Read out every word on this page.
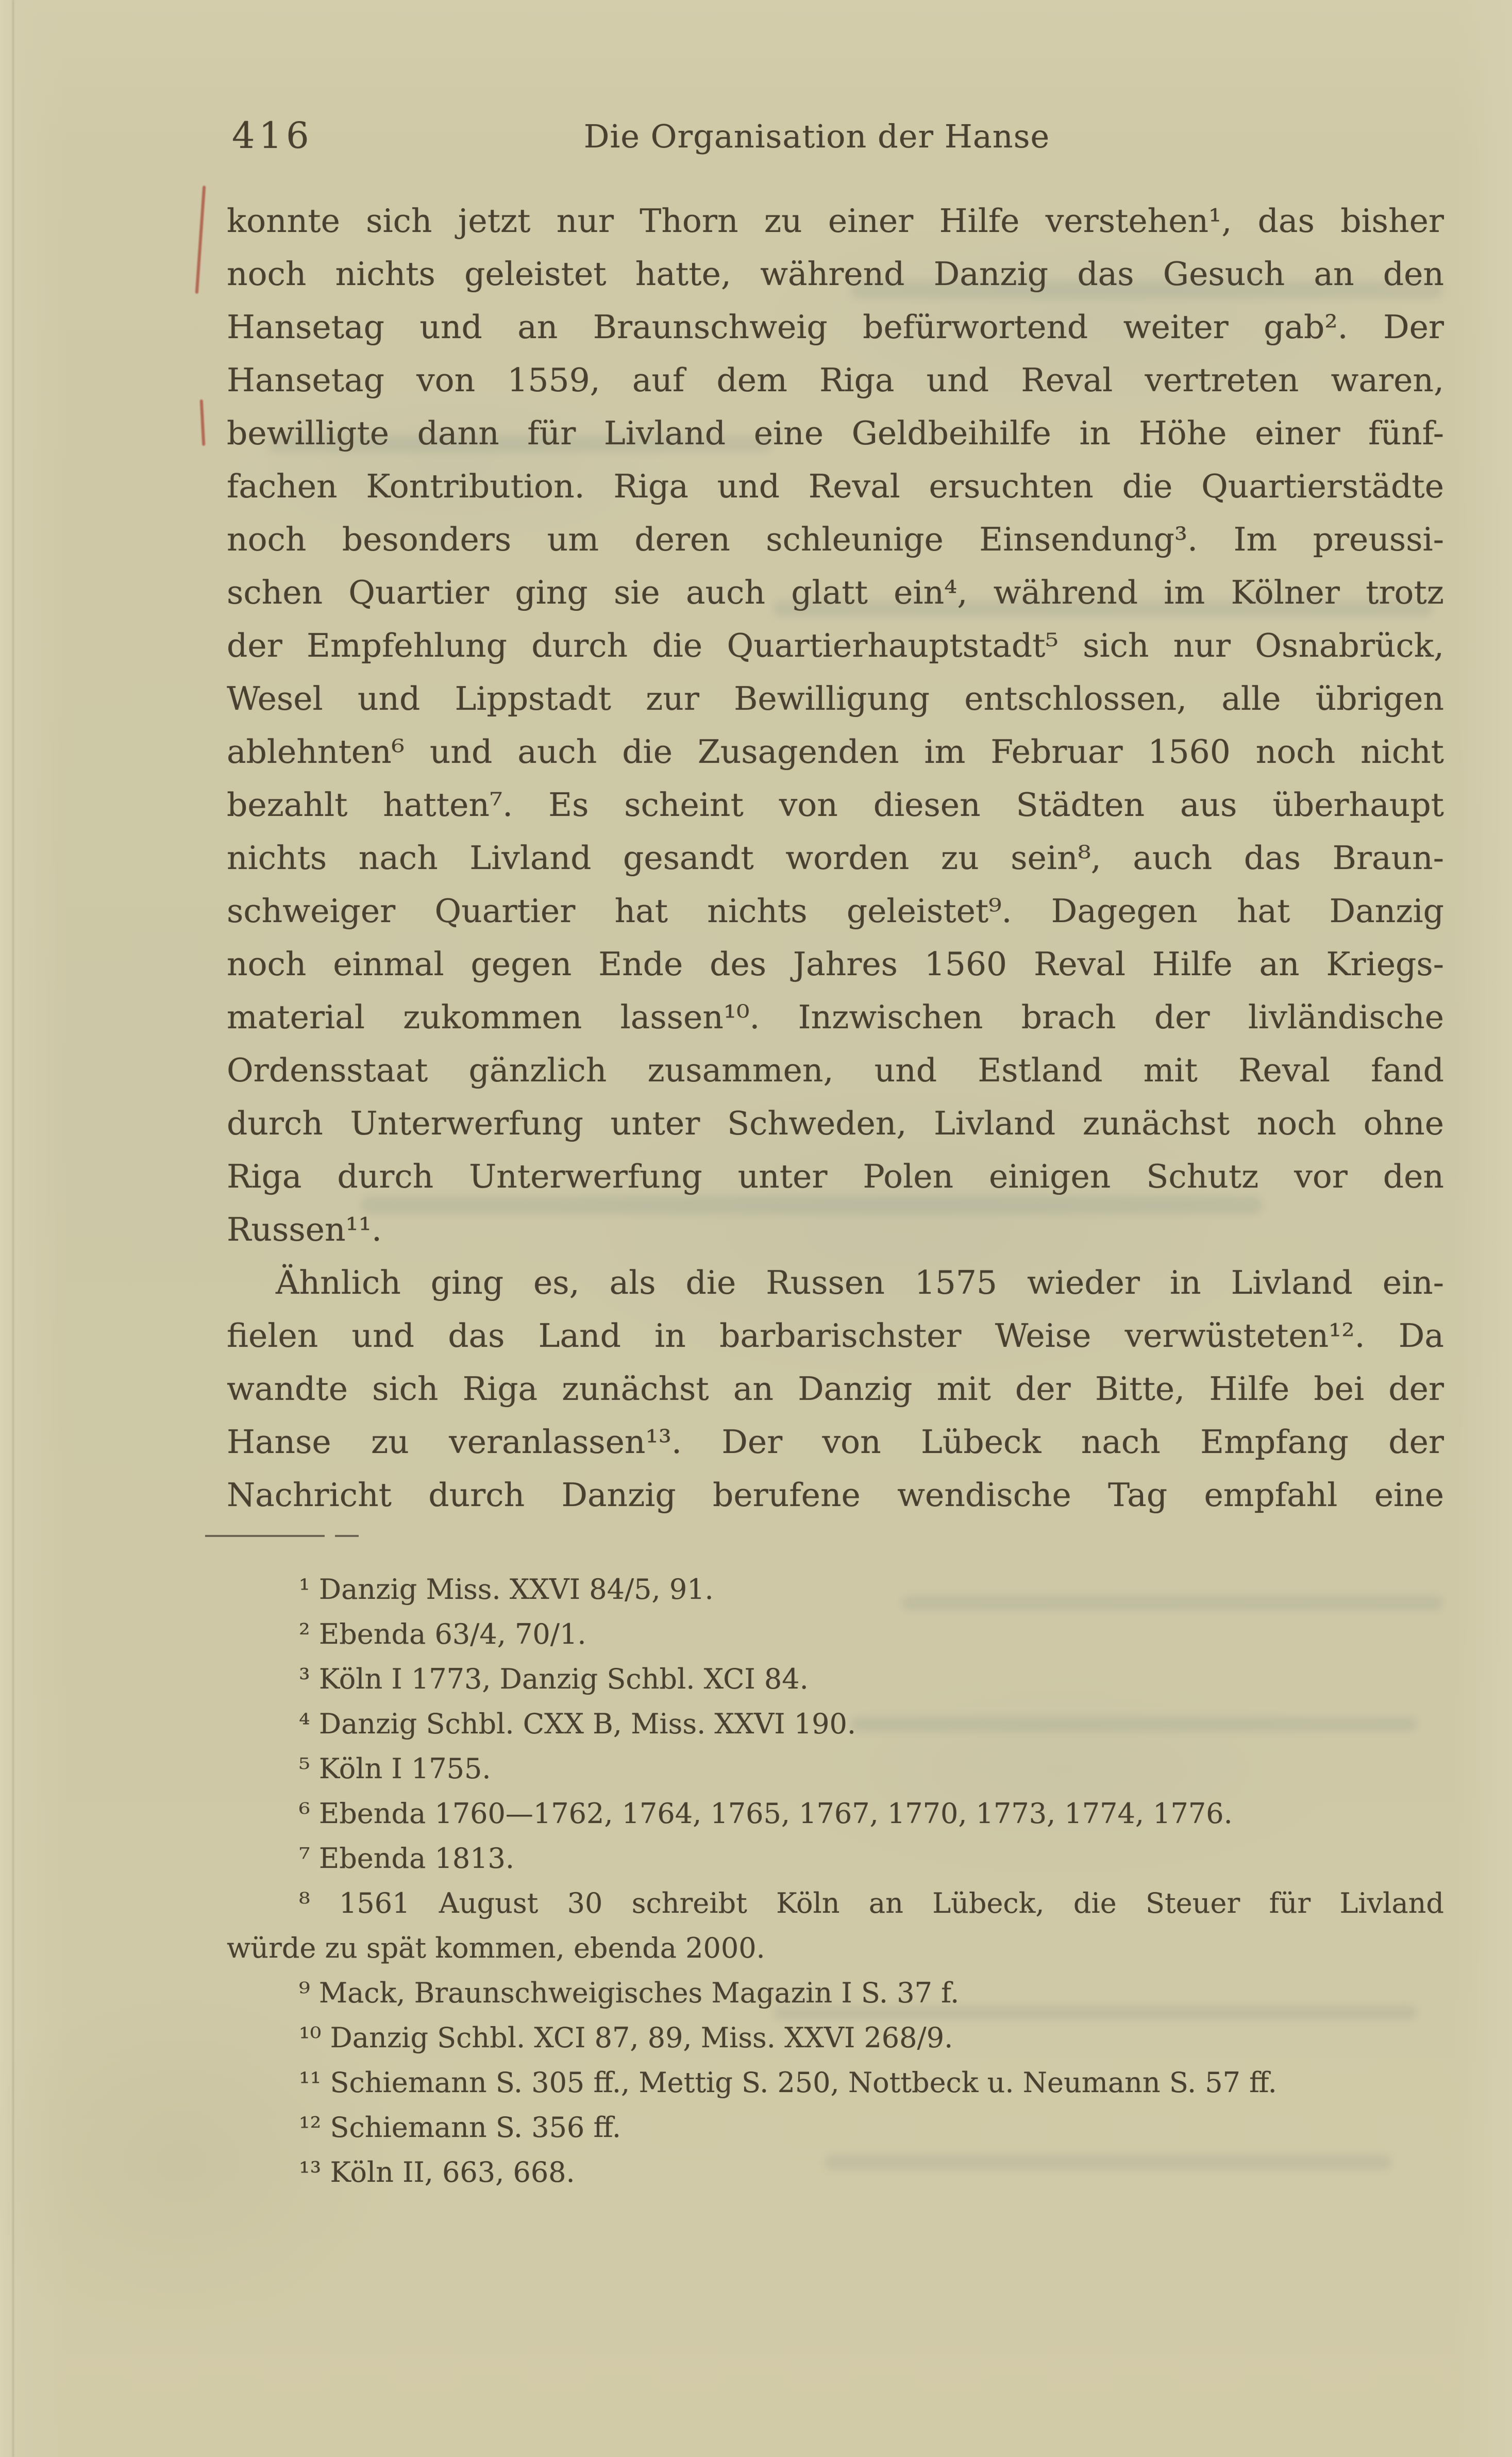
416	Die Organisation der Hanse
konnte sich jetzt nur Thorn zu einer Hilfe verstehen¹, das bisher
noch nichts geleistet hatte, während Danzig das Gesuch an den
Hansetag und an Braunschweig befürwortend weiter gab². Der
Hansetag von 1559, auf dem Riga und Reval vertreten waren,
bewilligte dann für Livland eine Geldbeihilfe in Höhe einer fünf-
fachen Kontribution. Riga und Reval ersuchten die Quartierstädte
noch besonders um deren schleunige Einsendung³. Im preussi-
schen Quartier ging sie auch glatt ein⁴, während im Kölner trotz
der Empfehlung durch die Quartierhauptstadt⁵ sich nur Osnabrück,
Wesel und Lippstadt zur Bewilligung entschlossen, alle übrigen
ablehnten⁶ und auch die Zusagenden im Februar 1560 noch nicht
bezahlt hatten⁷. Es scheint von diesen Städten aus überhaupt
nichts nach Livland gesandt worden zu sein⁸, auch das Braun-
schweiger Quartier hat nichts geleistet⁹. Dagegen hat Danzig
noch einmal gegen Ende des Jahres 1560 Reval Hilfe an Kriegs-
material zukommen lassen¹⁰. Inzwischen brach der livländische
Ordensstaat gänzlich zusammen, und Estland mit Reval fand
durch Unterwerfung unter Schweden, Livland zunächst noch ohne
Riga durch Unterwerfung unter Polen einigen Schutz vor den
Russen¹¹.
Ähnlich ging es, als die Russen 1575 wieder in Livland ein-
fielen und das Land in barbarischster Weise verwüsteten¹². Da
wandte sich Riga zunächst an Danzig mit der Bitte, Hilfe bei der
Hanse zu veranlassen¹³. Der von Lübeck nach Empfang der
Nachricht durch Danzig berufene wendische Tag empfahl eine
¹ Danzig Miss. XXVI 84/5, 91.
² Ebenda 63/4, 70/1.
³ Köln I 1773, Danzig Schbl. XCI 84.
⁴ Danzig Schbl. CXX B, Miss. XXVI 190.
⁵ Köln I 1755.
⁶ Ebenda 1760—1762, 1764, 1765, 1767, 1770, 1773, 1774, 1776.
⁷ Ebenda 1813.
⁸ 1561 August 30 schreibt Köln an Lübeck, die Steuer für Livland
würde zu spät kommen, ebenda 2000.
⁹ Mack, Braunschweigisches Magazin I S. 37 f.
¹⁰ Danzig Schbl. XCI 87, 89, Miss. XXVI 268/9.
¹¹ Schiemann S. 305 ff., Mettig S. 250, Nottbeck u. Neumann S. 57 ff.
¹² Schiemann S. 356 ff.
¹³ Köln II, 663, 668.
